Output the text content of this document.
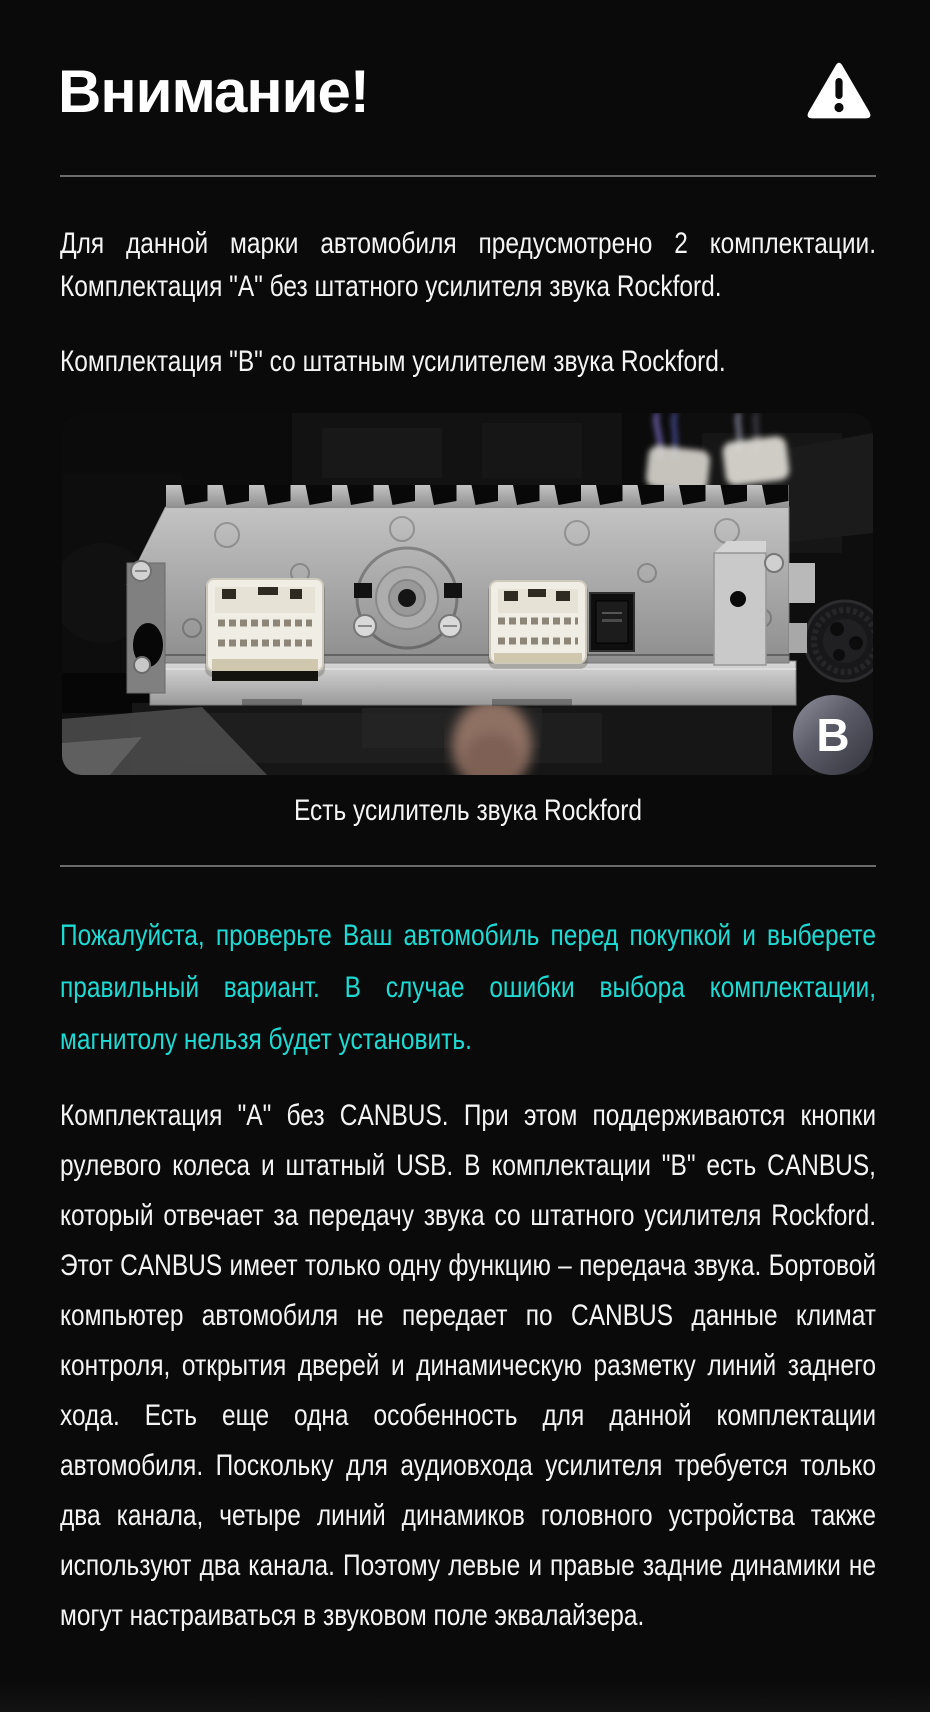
Внимание!
Для данной марки автомобиля предусмотрено 2 комплектации.
Комплектация "А" без штатного усилителя звука Rockford.
Комплектация "В" со штатным усилителем звука Rockford.
B
Есть усилитель звука Rockford
Пожалуйста, проверьте Ваш автомобиль перед покупкой и выберете
правильный вариант. В случае ошибки выбора комплектации,
магнитолу нельзя будет установить.
Комплектация "А" без CANBUS. При этом поддерживаются кнопки
рулевого колеса и штатный USB. В комплектации "В" есть CANBUS,
который отвечает за передачу звука со штатного усилителя Rockford.
Этот CANBUS имеет только одну функцию – передача звука. Бортовой
компьютер автомобиля не передает по CANBUS данные климат
контроля, открытия дверей и динамическую разметку линий заднего
хода. Есть еще одна особенность для данной комплектации
автомобиля. Поскольку для аудиовхода усилителя требуется только
два канала, четыре линий динамиков головного устройства также
используют два канала. Поэтому левые и правые задние динамики не
могут настраиваться в звуковом поле эквалайзера.
